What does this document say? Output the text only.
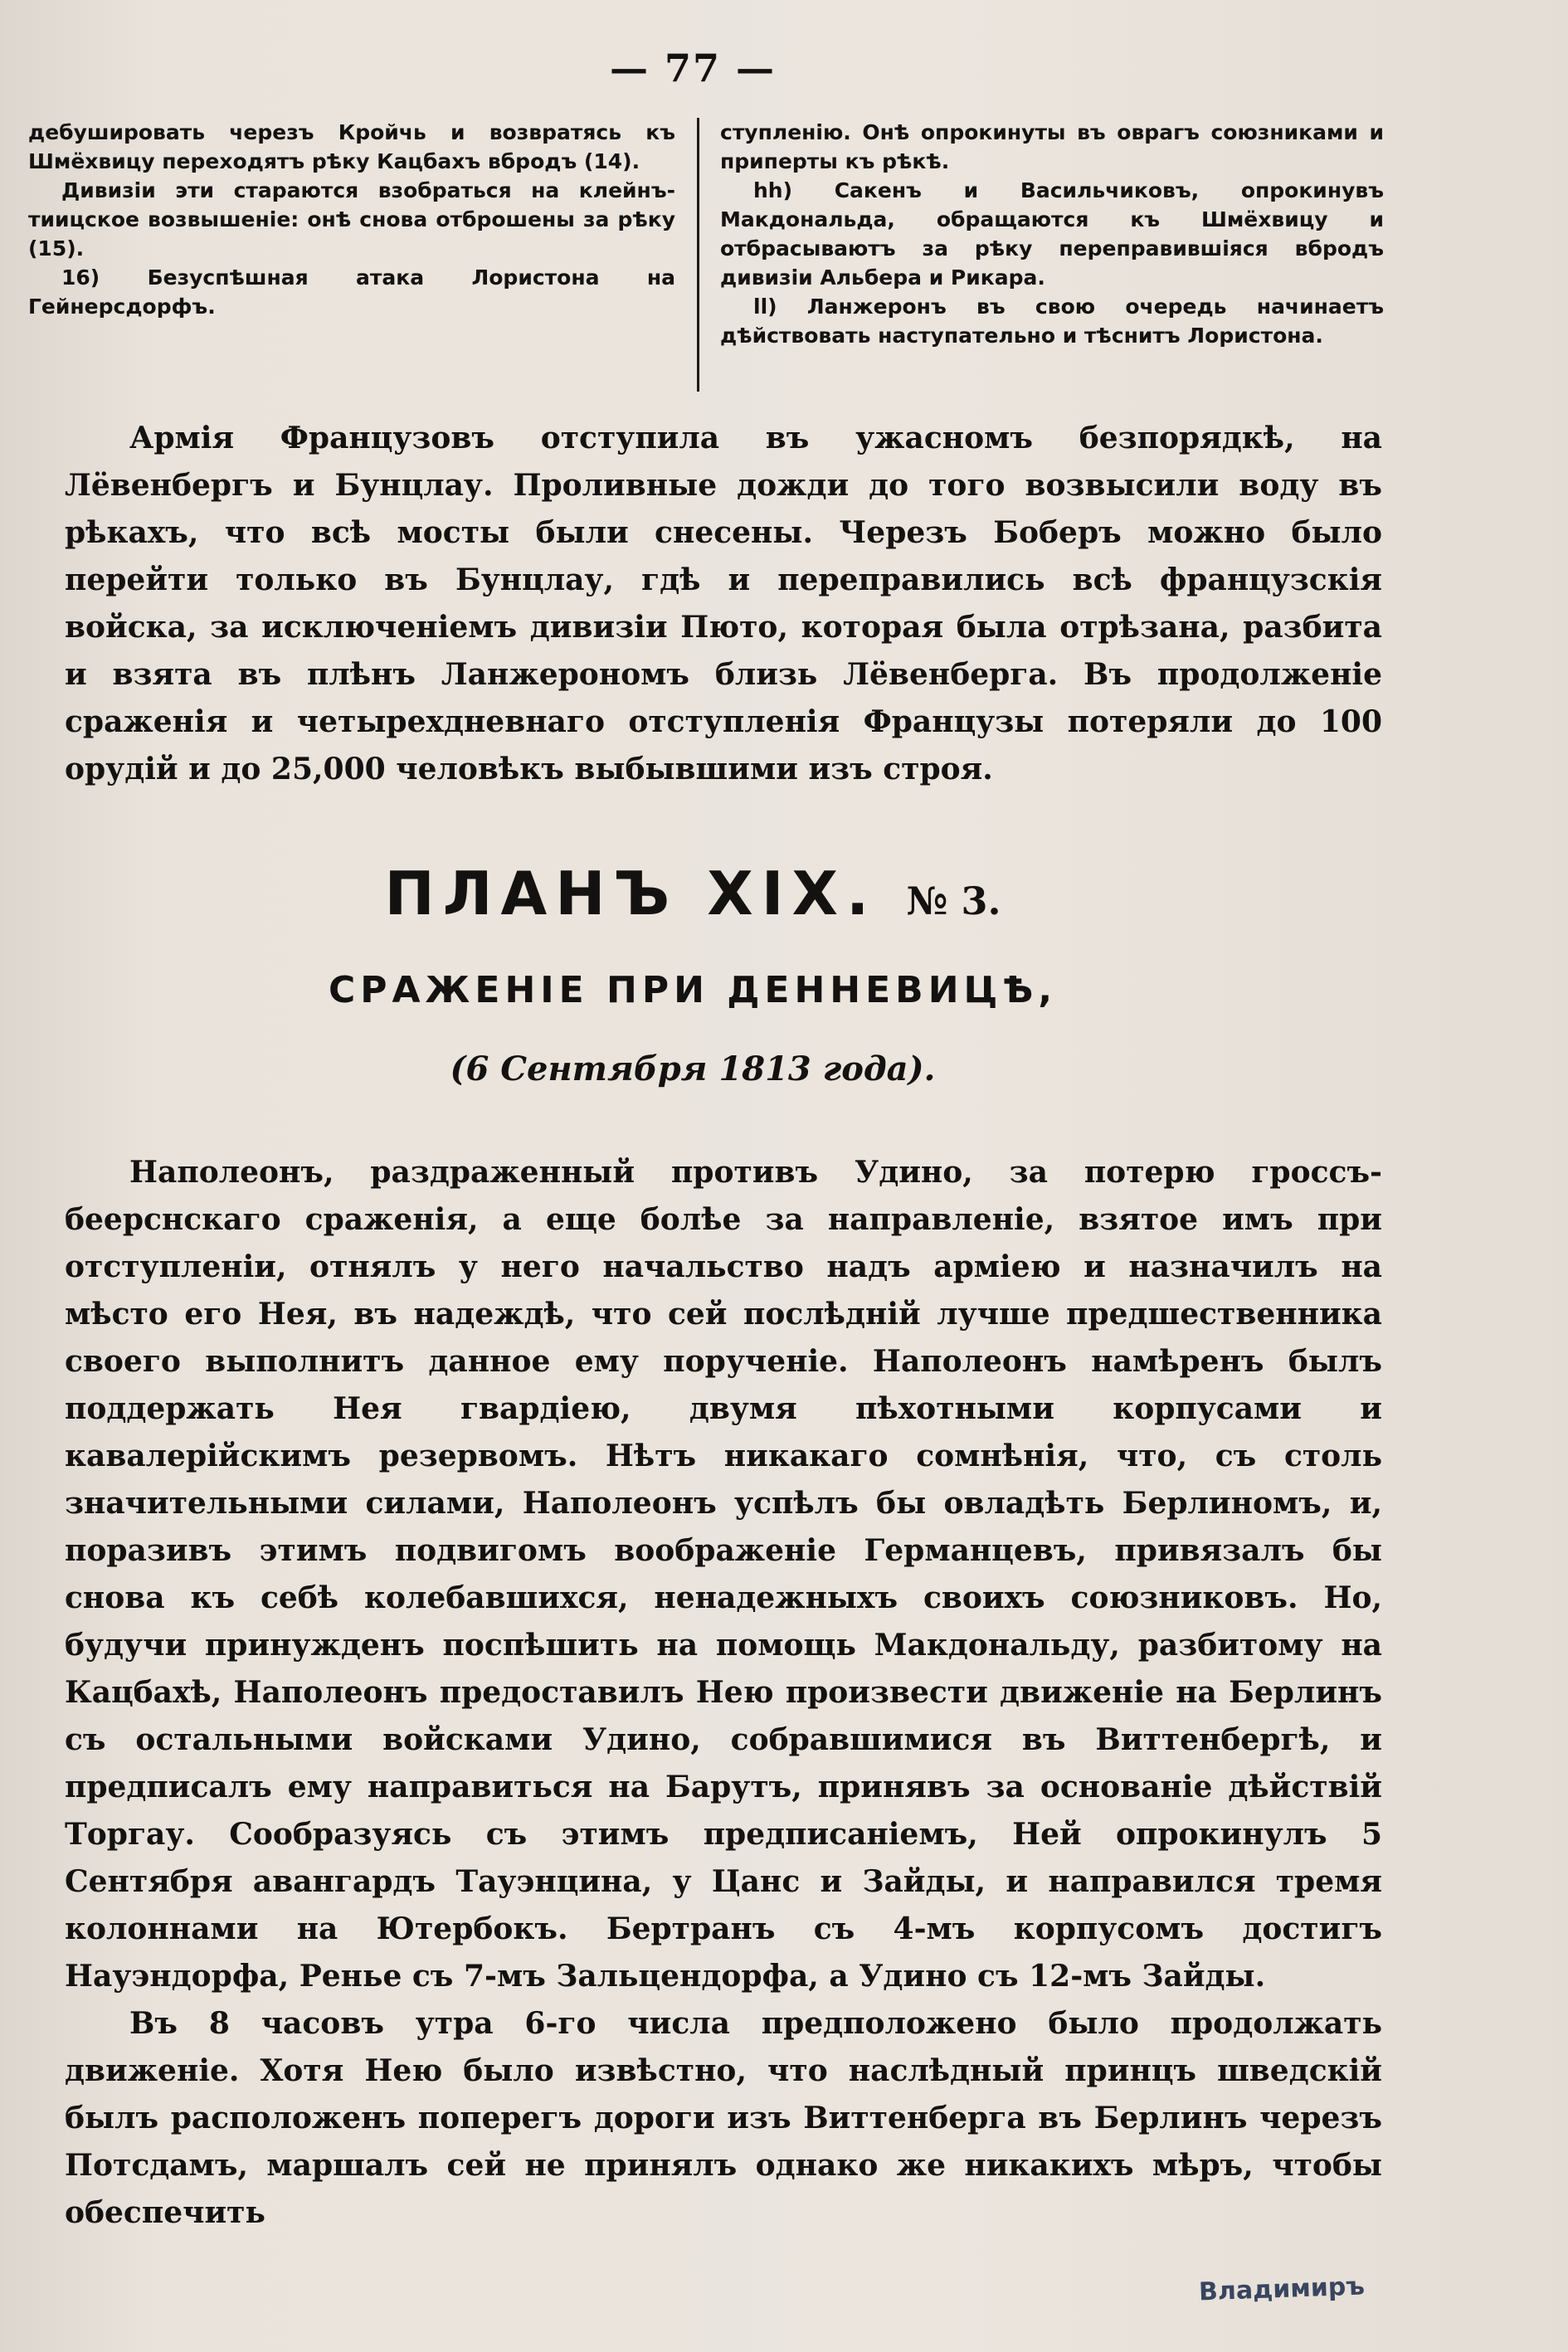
— 77 —

дебушировать черезъ Кройчь и возвратясь къ Шмёхвицу переходятъ рѣку Кацбахъ вбродъ (14).

Дивизіи эти стараются взобраться на клейнъ-тиицское возвышеніе: онѣ снова отброшены за рѣку (15).

16) Безуспѣшная атака Лористона на Гейнерсдорфъ.

ступленію. Онѣ опрокинуты въ оврагъ союзниками и приперты къ рѣкѣ.

hh) Сакенъ и Васильчиковъ, опрокинувъ Макдональда, обращаются къ Шмёхвицу и отбрасываютъ за рѣку переправившіяся вбродъ дивизіи Альбера и Рикара.

ll) Ланжеронъ въ свою очередь начинаетъ дѣйствовать наступательно и тѣснитъ Лористона.

Армія Французовъ отступила въ ужасномъ безпорядкѣ, на Лёвенбергъ и Бунцлау. Проливные дожди до того возвысили воду въ рѣкахъ, что всѣ мосты были снесены. Черезъ Боберъ можно было перейти только въ Бунцлау, гдѣ и переправились всѣ французскія войска, за исключеніемъ дивизіи Пюто, которая была отрѣзана, разбита и взята въ плѣнъ Ланжерономъ близь Лёвенберга. Въ продолженіе сраженія и четырехдневнаго отступленія Французы потеряли до 100 орудій и до 25,000 человѣкъ выбывшими изъ строя.

ПЛАНЪ XIX. № 3.
СРАЖЕНІЕ ПРИ ДЕННЕВИЦѢ,
(6 Сентября 1813 года).

Наполеонъ, раздраженный противъ Удино, за потерю гроссъ-беерснскаго сраженія, а еще болѣе за направленіе, взятое имъ при отступленіи, отнялъ у него начальство надъ арміею и назначилъ на мѣсто его Нея, въ надеждѣ, что сей послѣдній лучше предшественника своего выполнитъ данное ему порученіе. Наполеонъ намѣренъ былъ поддержать Нея гвардіею, двумя пѣхотными корпусами и кавалерійскимъ резервомъ. Нѣтъ никакаго сомнѣнія, что, съ столь значительными силами, Наполеонъ успѣлъ бы овладѣть Берлиномъ, и, поразивъ этимъ подвигомъ воображеніе Германцевъ, привязалъ бы снова къ себѣ колебавшихся, ненадежныхъ своихъ союзниковъ. Но, будучи принужденъ поспѣшить на помощь Макдональду, разбитому на Кацбахѣ, Наполеонъ предоставилъ Нею произвести движеніе на Берлинъ съ остальными войсками Удино, собравшимися въ Виттенбергѣ, и предписалъ ему направиться на Барутъ, принявъ за основаніе дѣйствій Торгау. Сообразуясь съ этимъ предписаніемъ, Ней опрокинулъ 5 Сентября авангардъ Тауэнцина, у Цанс и Зайды, и направился тремя колоннами на Ютербокъ. Бертранъ съ 4-мъ корпусомъ достигъ Науэндорфа, Ренье съ 7-мъ Зальцендорфа, а Удино съ 12-мъ Зайды.

Въ 8 часовъ утра 6-го числа предположено было продолжать движеніе. Хотя Нею было извѣстно, что наслѣдный принцъ шведскій былъ расположенъ поперегъ дороги изъ Виттенберга въ Берлинъ черезъ Потсдамъ, маршалъ сей не принялъ однако же никакихъ мѣръ, чтобы обеспечить

Владимиръ
